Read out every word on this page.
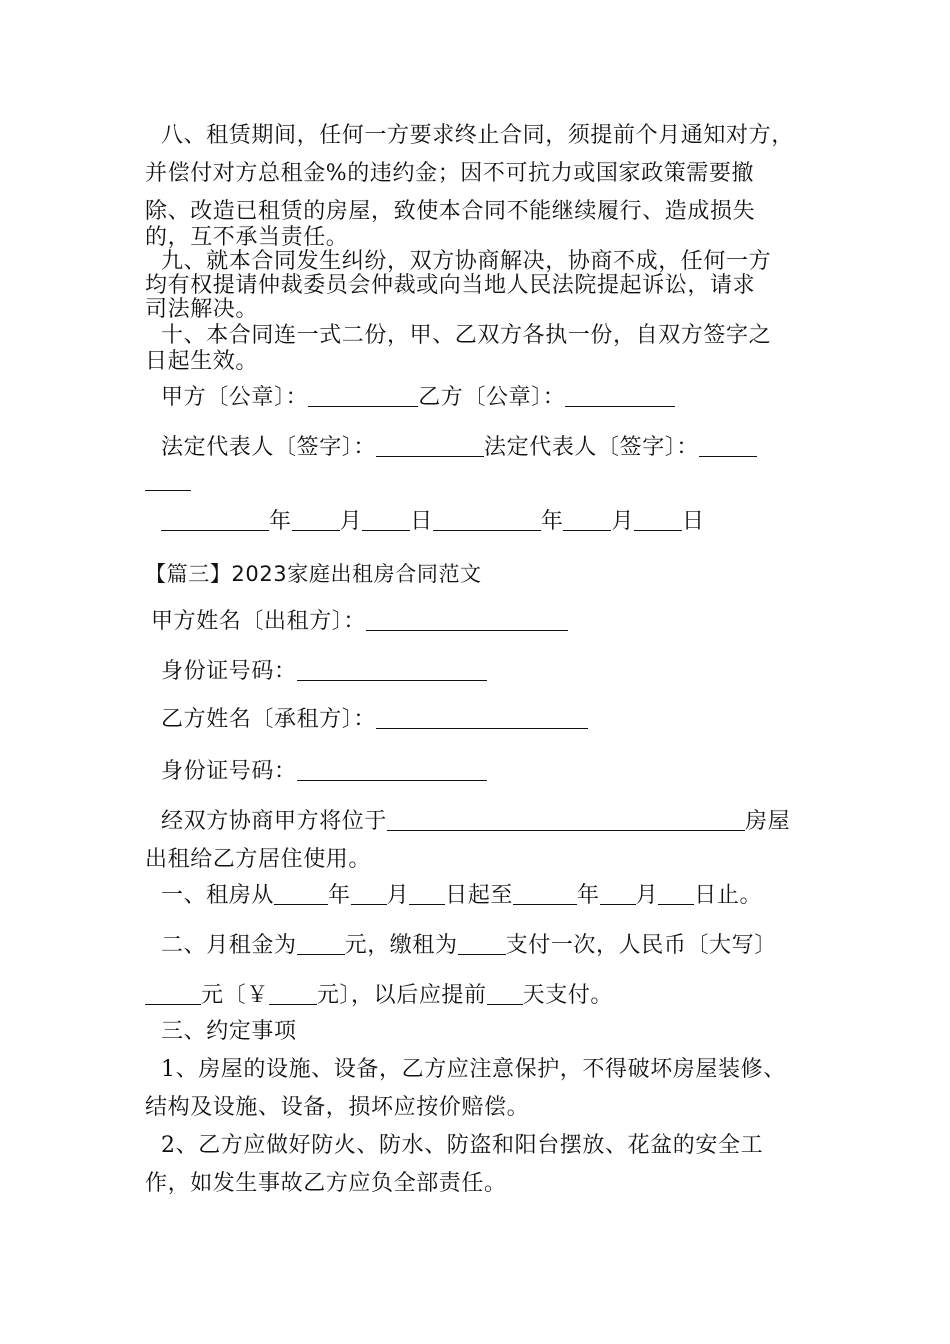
八、租赁期间，任何一方要求终止合同，须提前个月通知对方，
并偿付对方总租金%的违约金；因不可抗力或国家政策需要撤
除、改造已租赁的房屋，致使本合同不能继续履行、造成损失
的，互不承当责任。
九、就本合同发生纠纷，双方协商解决，协商不成，任何一方
均有权提请仲裁委员会仲裁或向当地人民法院提起诉讼，请求
司法解决。
十、本合同连一式二份，甲、乙双方各执一份，自双方签字之
日起生效。
甲方〔公章〕：	乙方〔公章〕：
法定代表人〔签字〕：	法定代表人〔签字〕：
年 月 日	年 月 日
【篇三】2023家庭出租房合同范文
甲方姓名〔出租方〕：
身份证号码：
乙方姓名〔承租方〕：
身份证号码：
经双方协商甲方将位于	房屋
出租给乙方居住使用。
一、租房从 年 月 日起至	年 月 日止。
二、月租金为 元，缴租为 支付一次，人民币〔大写〕
元〔￥ 元〕，以后应提前 天支付。
三、约定事项
1、房屋的设施、设备，乙方应注意保护，不得破坏房屋装修、
结构及设施、设备，损坏应按价赔偿。
2、乙方应做好防火、防水、防盗和阳台摆放、花盆的安全工
作，如发生事故乙方应负全部责任。
